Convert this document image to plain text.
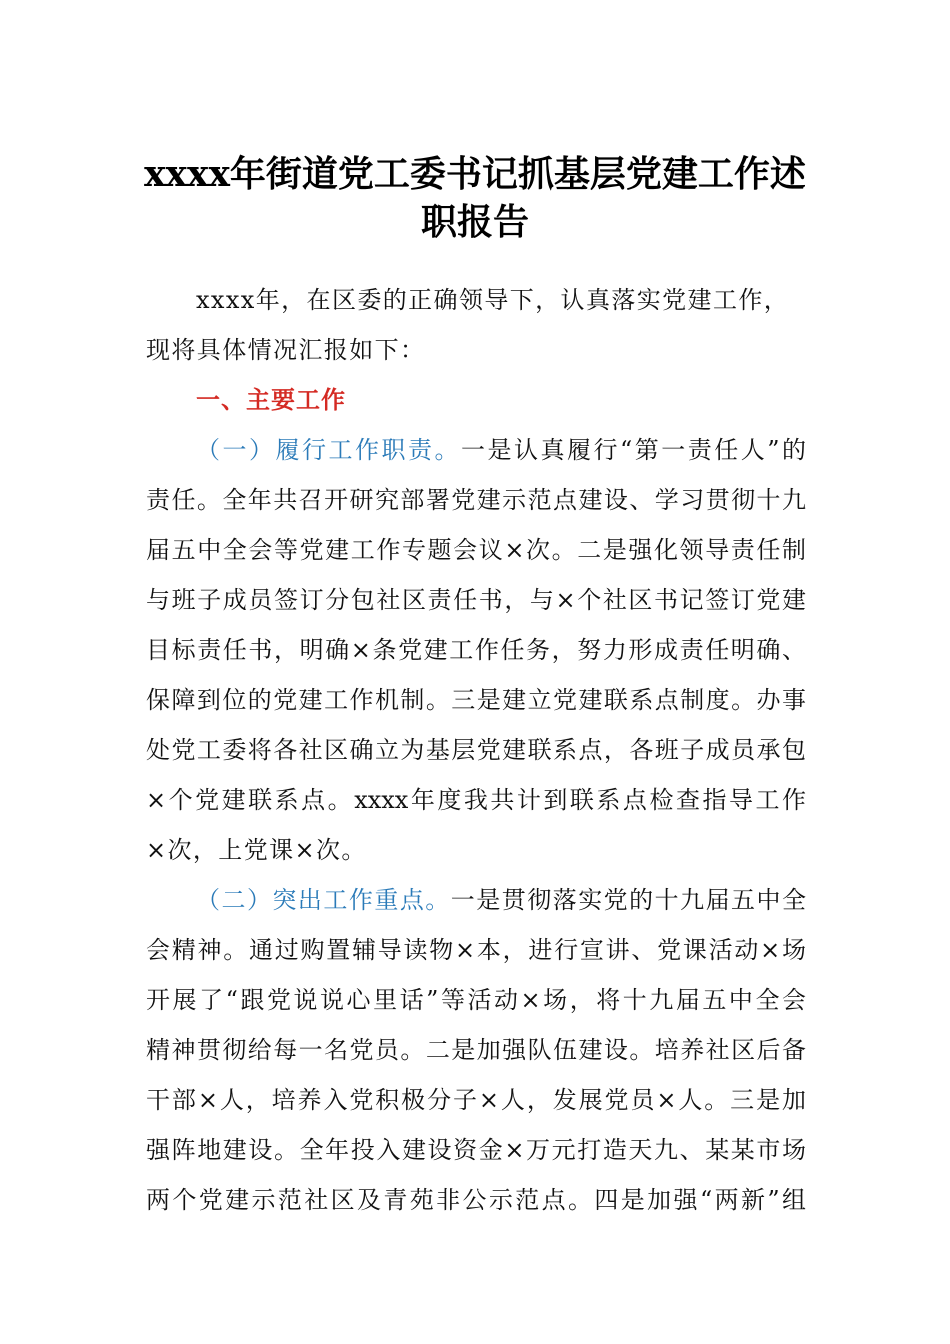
xxxx年街道党工委书记抓基层党建工作述
职报告
xxxx年，在区委的正确领导下，认真落实党建工作，
现将具体情况汇报如下：
一、主要工作
（一）履行工作职责。一是认真履行“第一责任人”的
责任。全年共召开研究部署党建示范点建设、学习贯彻十九
届五中全会等党建工作专题会议×次。二是强化领导责任制
与班子成员签订分包社区责任书，与×个社区书记签订党建
目标责任书，明确×条党建工作任务，努力形成责任明确、
保障到位的党建工作机制。三是建立党建联系点制度。办事
处党工委将各社区确立为基层党建联系点，各班子成员承包
×个党建联系点。xxxx年度我共计到联系点检查指导工作
×次，上党课×次。
（二）突出工作重点。一是贯彻落实党的十九届五中全
会精神。通过购置辅导读物×本，进行宣讲、党课活动×场
开展了“跟党说说心里话”等活动×场，将十九届五中全会
精神贯彻给每一名党员。二是加强队伍建设。培养社区后备
干部×人，培养入党积极分子×人，发展党员×人。三是加
强阵地建设。全年投入建设资金×万元打造天九、某某市场
两个党建示范社区及青苑非公示范点。四是加强“两新”组
